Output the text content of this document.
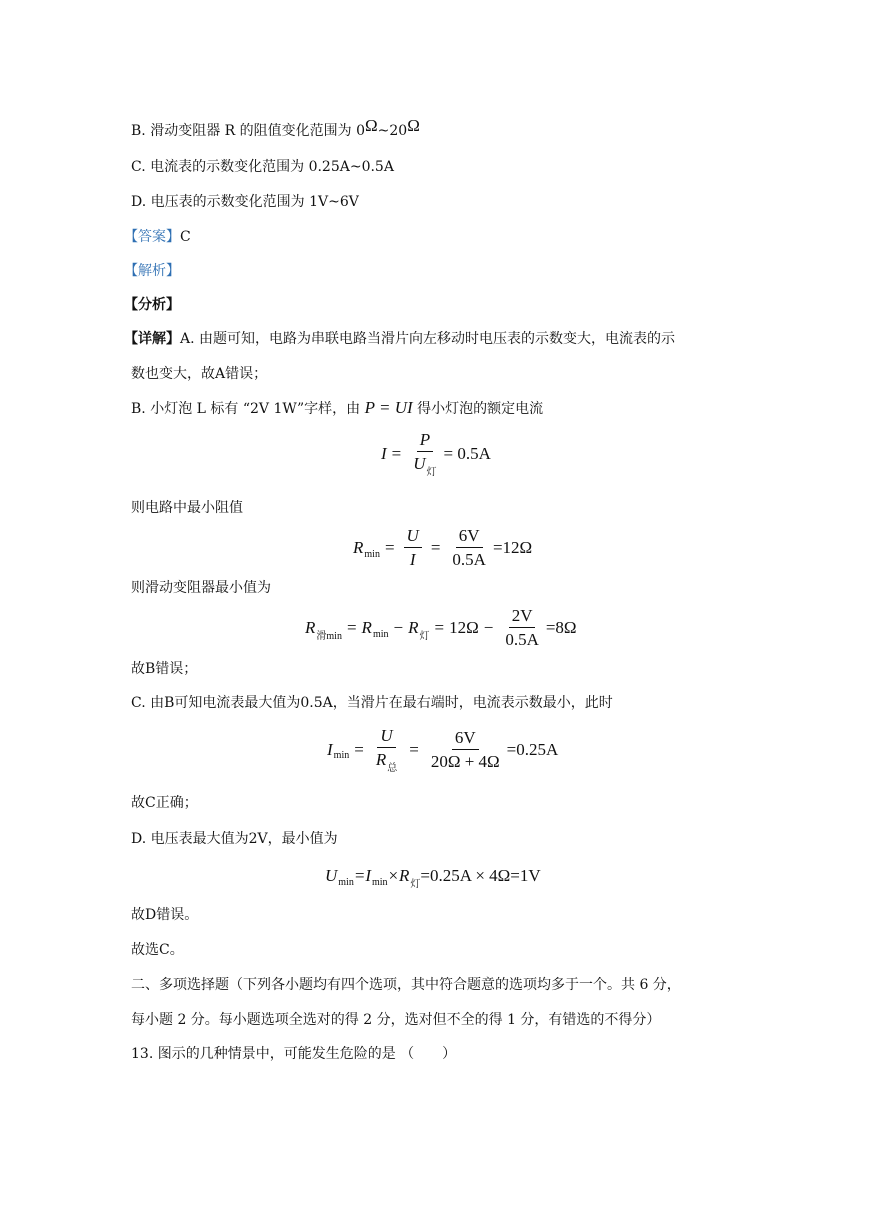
B. 滑动变阻器 R 的阻值变化范围为 0Ω~20Ω
C. 电流表的示数变化范围为 0.25A~0.5A
D. 电压表的示数变化范围为 1V~6V
【答案】C
【解析】
【分析】
【详解】A. 由题可知，电路为串联电路当滑片向左移动时电压表的示数变大，电流表的示
数也变大，故A错误；
B. 小灯泡 L 标有 “2V 1W”字样，由 P = UI 得小灯泡的额定电流
$I = \frac{P}{U_灯} = 0.5A$
则电路中最小阻值
R $\min = \frac{U}{I} = \frac{6V}{0.5A} =12\Omega$
则滑动变阻器最小值为
R 滑min = R min − R 灯 = $12\Omega - \frac{2V}{0.5A} =8\Omega$
故B错误；
C. 由B可知电流表最大值为0.5A，当滑片在最右端时，电流表示数最小，此时
I $\min = \frac{U}{R_总} = \frac{6V}{20\Omega + 4\Omega} =0.25A$
故C正确；
D. 电压表最大值为2V，最小值为
U min =I min ×R 灯 =0.25A × 4Ω=1V
故D错误。
故选C。
二、多项选择题（下列各小题均有四个选项，其中符合题意的选项均多于一个。共 6 分，
每小题 2 分。每小题选项全选对的得 2 分，选对但不全的得 1 分，有错选的不得分）
13. 图示的几种情景中，可能发生危险的是 （　　）
